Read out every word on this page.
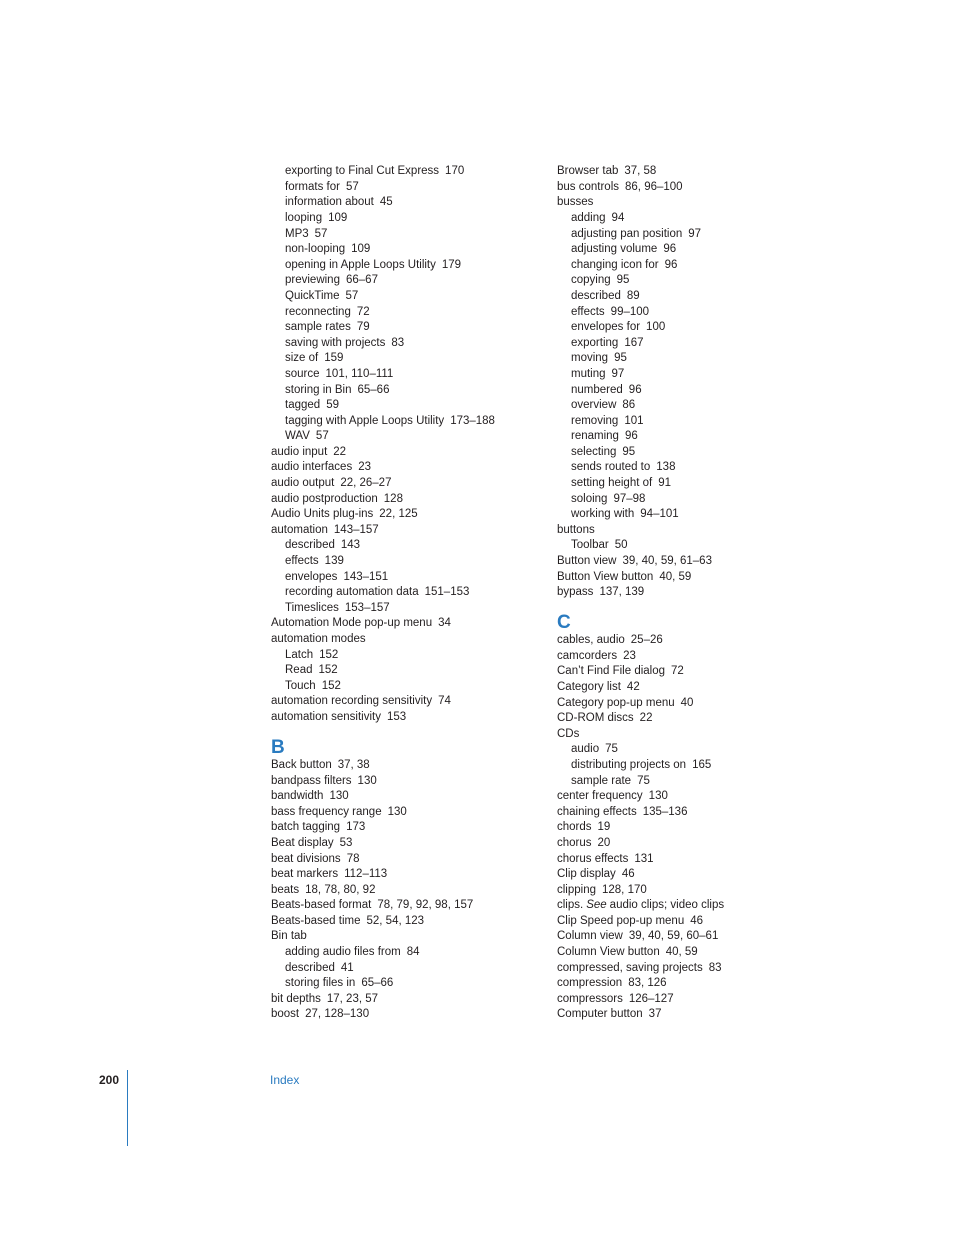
exporting to Final Cut Express 170
formats for 57
information about 45
looping 109
MP3 57
non-looping 109
opening in Apple Loops Utility 179
previewing 66–67
QuickTime 57
reconnecting 72
sample rates 79
saving with projects 83
size of 159
source 101, 110–111
storing in Bin 65–66
tagged 59
tagging with Apple Loops Utility 173–188
WAV 57
audio input 22
audio interfaces 23
audio output 22, 26–27
audio postproduction 128
Audio Units plug-ins 22, 125
automation 143–157
described 143
effects 139
envelopes 143–151
recording automation data 151–153
Timeslices 153–157
Automation Mode pop-up menu 34
automation modes
Latch 152
Read 152
Touch 152
automation recording sensitivity 74
automation sensitivity 153
B
Back button 37, 38
bandpass filters 130
bandwidth 130
bass frequency range 130
batch tagging 173
Beat display 53
beat divisions 78
beat markers 112–113
beats 18, 78, 80, 92
Beats-based format 78, 79, 92, 98, 157
Beats-based time 52, 54, 123
Bin tab
adding audio files from 84
described 41
storing files in 65–66
bit depths 17, 23, 57
boost 27, 128–130
Browser tab 37, 58
bus controls 86, 96–100
busses
adding 94
adjusting pan position 97
adjusting volume 96
changing icon for 96
copying 95
described 89
effects 99–100
envelopes for 100
exporting 167
moving 95
muting 97
numbered 96
overview 86
removing 101
renaming 96
selecting 95
sends routed to 138
setting height of 91
soloing 97–98
working with 94–101
buttons
Toolbar 50
Button view 39, 40, 59, 61–63
Button View button 40, 59
bypass 137, 139
C
cables, audio 25–26
camcorders 23
Can’t Find File dialog 72
Category list 42
Category pop-up menu 40
CD-ROM discs 22
CDs
audio 75
distributing projects on 165
sample rate 75
center frequency 130
chaining effects 135–136
chords 19
chorus 20
chorus effects 131
Clip display 46
clipping 128, 170
clips. See audio clips; video clips
Clip Speed pop-up menu 46
Column view 39, 40, 59, 60–61
Column View button 40, 59
compressed, saving projects 83
compression 83, 126
compressors 126–127
Computer button 37
200	Index
